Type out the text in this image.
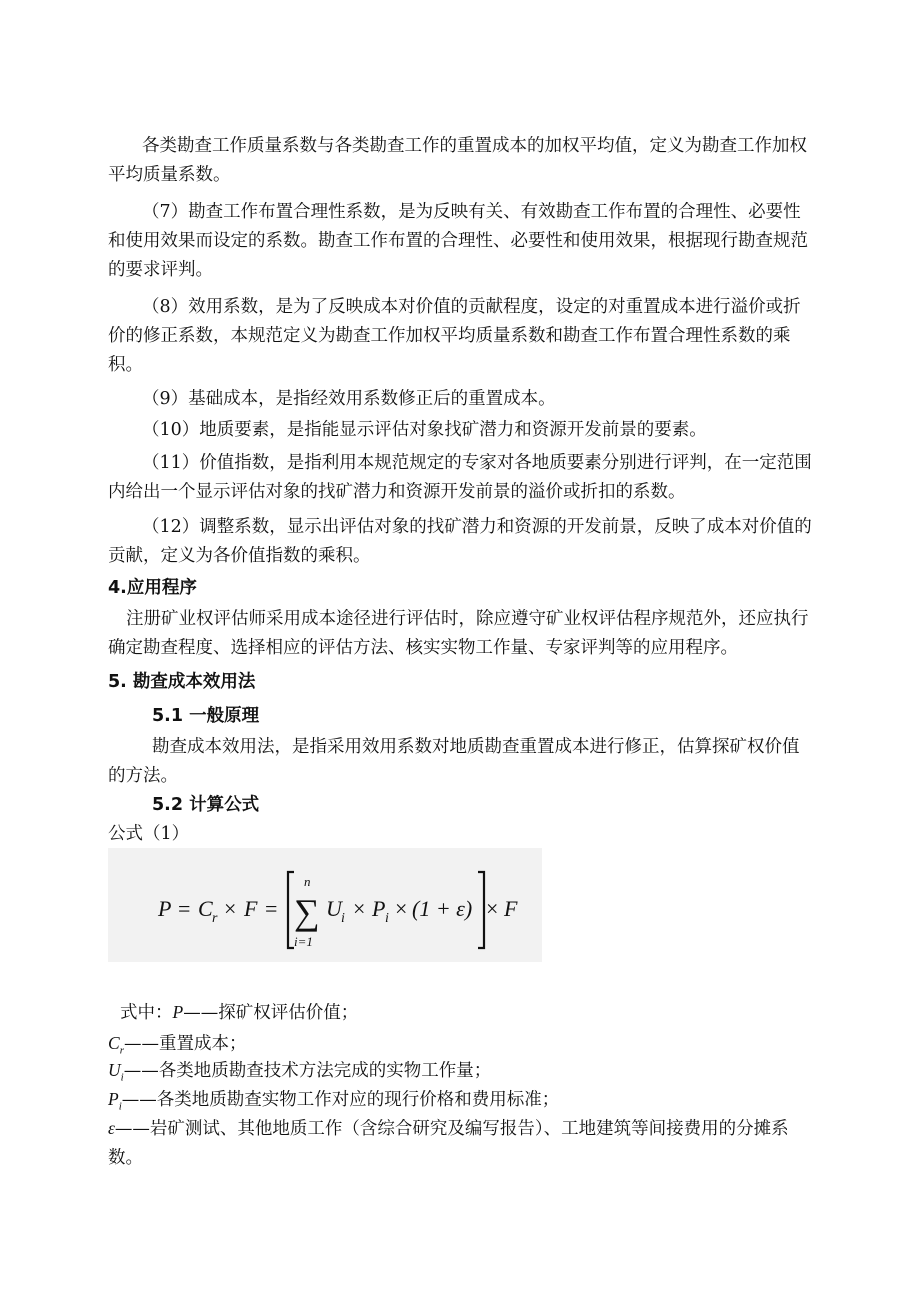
各类勘查工作质量系数与各类勘查工作的重置成本的加权平均值，定义为勘查工作加权平均质量系数。

（7）勘查工作布置合理性系数，是为反映有关、有效勘查工作布置的合理性、必要性和使用效果而设定的系数。勘查工作布置的合理性、必要性和使用效果，根据现行勘查规范的要求评判。

（8）效用系数，是为了反映成本对价值的贡献程度，设定的对重置成本进行溢价或折价的修正系数，本规范定义为勘查工作加权平均质量系数和勘查工作布置合理性系数的乘积。

（9）基础成本，是指经效用系数修正后的重置成本。

（10）地质要素，是指能显示评估对象找矿潜力和资源开发前景的要素。

（11）价值指数，是指利用本规范规定的专家对各地质要素分别进行评判，在一定范围内给出一个显示评估对象的找矿潜力和资源开发前景的溢价或折扣的系数。

（12）调整系数，显示出评估对象的找矿潜力和资源的开发前景，反映了成本对价值的贡献，定义为各价值指数的乘积。

4.应用程序

注册矿业权评估师采用成本途径进行评估时，除应遵守矿业权评估程序规范外，还应执行确定勘查程度、选择相应的评估方法、核实实物工作量、专家评判等的应用程序。

5. 勘查成本效用法

5.1 一般原理

勘查成本效用法，是指采用效用系数对地质勘查重置成本进行修正，估算探矿权价值的方法。

5.2 计算公式

公式（1）

P = C r × F =
n
∑
i=1
U i × P i × (1 + ε) × F

式中：P——探矿权评估价值；

$C_r——$重置成本；

$U_i——$各类地质勘查技术方法完成的实物工作量；

$P_i——$各类地质勘查实物工作对应的现行价格和费用标准；

ε——岩矿测试、其他地质工作（含综合研究及编写报告）、工地建筑等间接费用的分摊系数。
